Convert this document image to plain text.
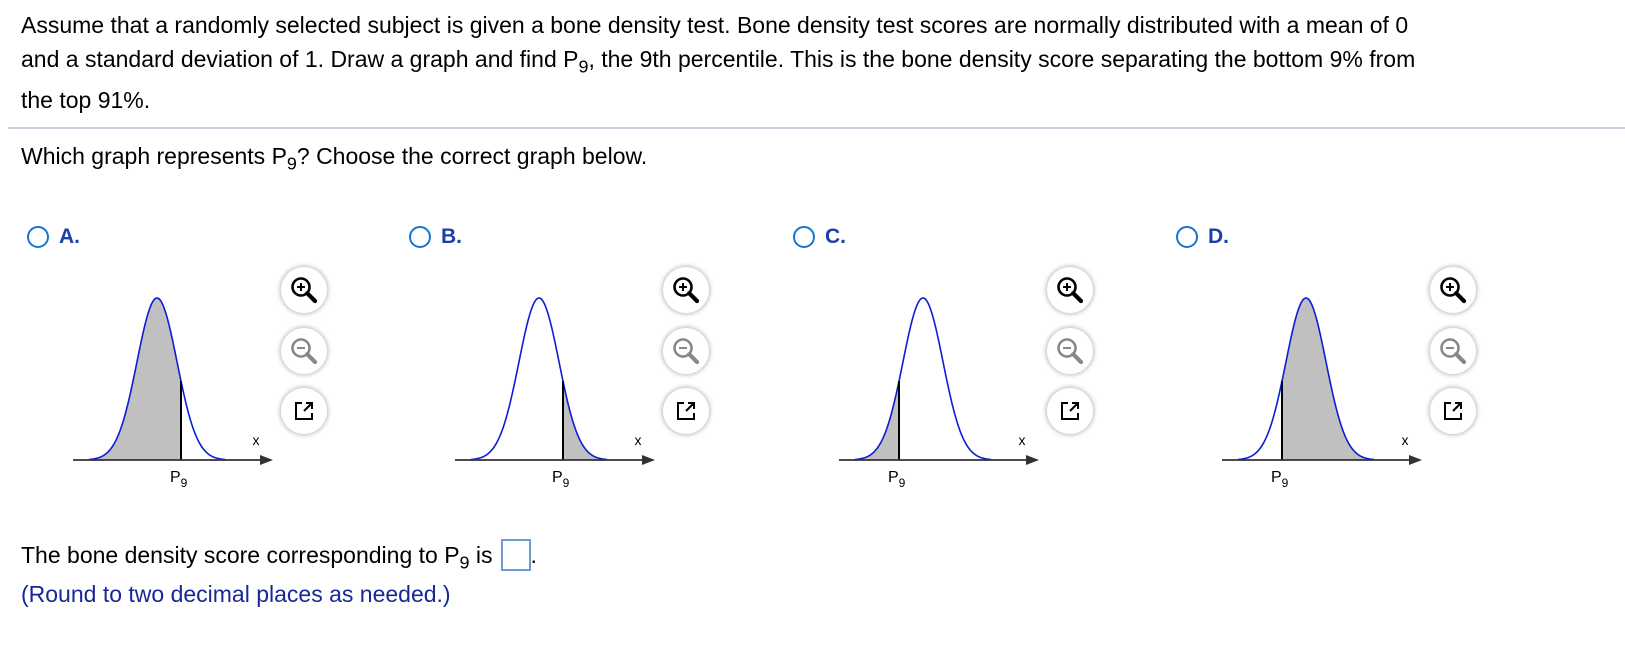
Assume that a randomly selected subject is given a bone density test. Bone density test scores are normally distributed with a mean of 0
and a standard deviation of 1. Draw a graph and find $P_9$, the 9th percentile. This is the bone density score separating the bottom 9% from
the top 91%.
Which graph represents $P_9$? Choose the correct graph below.
A.
x
$P_9$
B.
x
$P_9$
C.
x
$P_9$
D.
x
$P_9$
The bone density score corresponding to $P_9$ is .
(Round to two decimal places as needed.)
